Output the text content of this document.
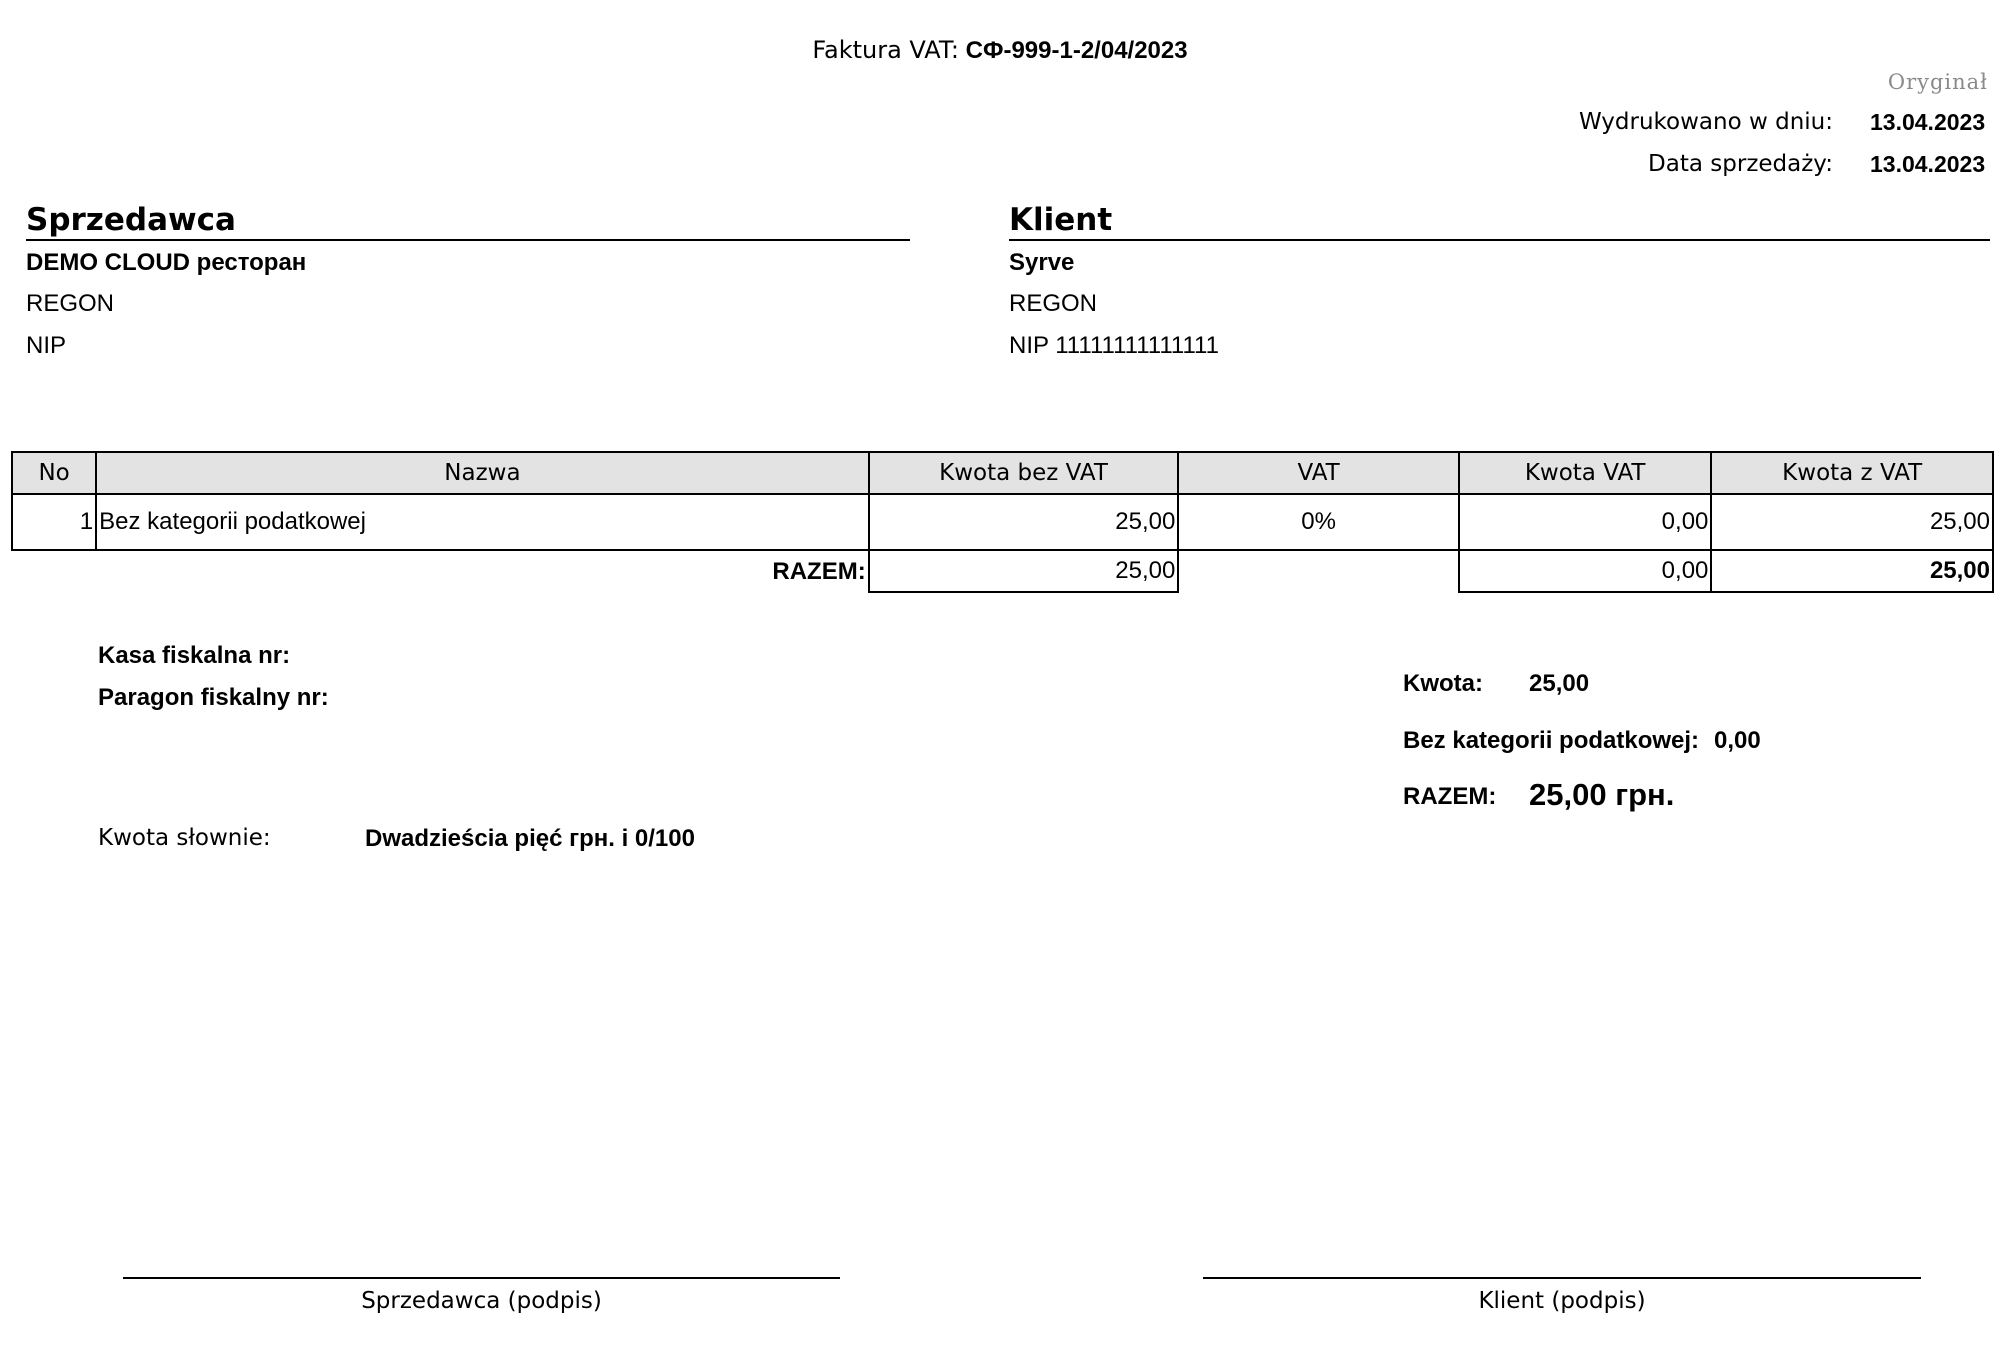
Faktura VAT: СФ-999-1-2/04/2023
Oryginał
Wydrukowano w dniu: 13.04.2023
Data sprzedaży: 13.04.2023
Sprzedawca
DEMO CLOUD ресторан
REGON
NIP
Klient
Syrve
REGON
NIP 11111111111111
No	Nazwa	Kwota bez VAT	VAT	Kwota VAT	Kwota z VAT
1	Bez kategorii podatkowej	25,00	0%	0,00	25,00
RAZEM:		25,00		0,00	25,00
Kasa fiskalna nr:
Paragon fiskalny nr:
Kwota: 25,00
Bez kategorii podatkowej: 0,00
RAZEM: 25,00 грн.
Kwota słownie:	Dwadzieścia pięć грн. i 0/100
Sprzedawca (podpis)	Klient (podpis)
